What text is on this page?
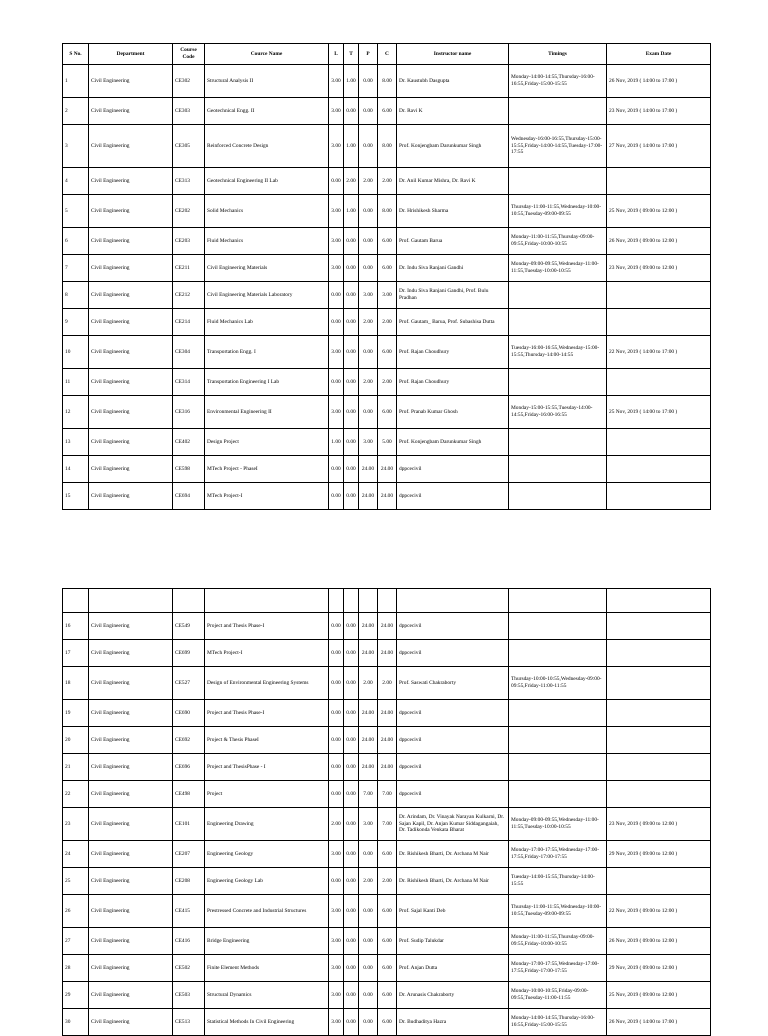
S No.	Department	Course Code	Cource Name	L	T	P	C	Instructor name	Timings	Exam Date
1	Civil Engineering	CE302	Structural Analysis II	3.00	1.00	0.00	8.00	Dr. Kaustubh Dasgupta	Monday-14:00-14:55,Thursday-16:00-16:55,Friday-15:00-15:55	26 Nov, 2019 ( 14:00 to 17:00 )
2	Civil Engineering	CE303	Geotechnical Engg. II	3.00	0.00	0.00	6.00	Dr. Ravi K		23 Nov, 2019 ( 14:00 to 17:00 )
3	Civil Engineering	CE305	Reinforced Concrete Design	3.00	1.00	0.00	8.00	Prof. Konjengbam Darunkumar Singh	Wednesday-16:00-16:55,Thursday-15:00-15:55,Friday-14:00-14:55,Tuesday-17:00-17:55	27 Nov, 2019 ( 14:00 to 17:00 )
4	Civil Engineering	CE313	Geotechnical Engineering II Lab	0.00	2.00	2.00	2.00	Dr. Anil Kumar Mishra, Dr. Ravi K		
5	Civil Engineering	CE202	Solid Mechanics	3.00	1.00	0.00	8.00	Dr. Hrishikesh Sharma	Thursday-11:00-11:55,Wednesday-10:00-10:55,Tuesday-09:00-09:55	25 Nov, 2019 ( 09:00 to 12:00 )
6	Civil Engineering	CE203	Fluid Mechanics	3.00	0.00	0.00	6.00	Prof. Gautam Barua	Monday-11:00-11:55,Thursday-09:00-09:55,Friday-10:00-10:55	26 Nov, 2019 ( 09:00 to 12:00 )
7	Civil Engineering	CE211	Civil Engineering Materials	3.00	0.00	0.00	6.00	Dr. Indu Siva Ranjani Gandhi	Monday-09:00-09:55,Wednesday-11:00-11:55,Tuesday-10:00-10:55	23 Nov, 2019 ( 09:00 to 12:00 )
8	Civil Engineering	CE212	Civil Engineering Materials Laboratory	0.00	0.00	3.00	3.00	Dr. Indu Siva Ranjani Gandhi, Prof. Bulu Pradhan		
9	Civil Engineering	CE214	Fluid Mechanics Lab	0.00	0.00	2.00	2.00	Prof. Gautam_ Barua, Prof. Subashisa Dutta		
10	Civil Engineering	CE304	Transportation Engg. I	3.00	0.00	0.00	6.00	Prof. Rajan Choudhury	Tuesday-16:00-16:55,Wednesday-15:00-15:55,Thursday-14:00-14:55	22 Nov, 2019 ( 14:00 to 17:00 )
11	Civil Engineering	CE314	Transportation Engineering I Lab	0.00	0.00	2.00	2.00	Prof. Rajan Choudhury		
12	Civil Engineering	CE316	Environmental Engineering II	3.00	0.00	0.00	6.00	Prof. Pranab Kumar Ghosh	Monday-15:00-15:55,Tuesday-14:00-14:55,Friday-16:00-16:55	25 Nov, 2019 ( 14:00 to 17:00 )
13	Civil Engineering	CE402	Design Project	1.00	0.00	3.00	5.00	Prof. Konjengbam Darunkumar Singh		
14	Civil Engineering	CE598	MTech Project - PhaseI	0.00	0.00	24.00	24.00	dppcecivil		
15	Civil Engineering	CE694	MTech Project-I	0.00	0.00	24.00	24.00	dppcecivil		

16	Civil Engineering	CE549	Project and Thesis Phase-I	0.00	0.00	24.00	24.00	dppcecivil		
17	Civil Engineering	CE699	MTech Project-I	0.00	0.00	24.00	24.00	dppcecivil		
18	Civil Engineering	CE527	Design of Environmental Engineering Systems	0.00	0.00	2.00	2.00	Prof. Saswati Chakraborty	Thursday-10:00-10:55,Wednesday-09:00-09:55,Friday-11:00-11:55	
19	Civil Engineering	CE690	Project and Thesis Phase-I	0.00	0.00	24.00	24.00	dppcecivil		
20	Civil Engineering	CE692	Project & Thesis PhaseI	0.00	0.00	24.00	24.00	dppcecivil		
21	Civil Engineering	CE696	Project and ThesisPhase - I	0.00	0.00	24.00	24.00	dppcecivil		
22	Civil Engineering	CE498	Project	0.00	0.00	7.00	7.00	dppcecivil		
23	Civil Engineering	CE101	Engineering Drawing	2.00	0.00	3.00	7.00	Dr. Arindam, Dr. Vinayak Narayan Kulkarni, Dr. Sajan Kapil, Dr. Anjan Kumar Siddagangaiah, Dr. Tadikonda Venkata Bharat	Monday-09:00-09:55,Wednesday-11:00-11:55,Tuesday-10:00-10:55	23 Nov, 2019 ( 09:00 to 12:00 )
24	Civil Engineering	CE207	Engineering Geology	3.00	0.00	0.00	6.00	Dr. Rishikesh Bharti, Dr. Archana M Nair	Monday-17:00-17:55,Wednesday-17:00-17:55,Friday-17:00-17:55	29 Nov, 2019 ( 09:00 to 12:00 )
25	Civil Engineering	CE208	Engineering Geology Lab	0.00	0.00	2.00	2.00	Dr. Rishikesh Bharti, Dr. Archana M Nair	Tuesday-14:00-15:55,Thursday-14:00-15:55	
26	Civil Engineering	CE415	Prestressed Concrete and Industrial Structures	3.00	0.00	0.00	6.00	Prof. Sajal Kanti Deb	Thursday-11:00-11:55,Wednesday-10:00-10:55,Tuesday-09:00-09:55	22 Nov, 2019 ( 09:00 to 12:00 )
27	Civil Engineering	CE416	Bridge Engineering	3.00	0.00	0.00	6.00	Prof. Sudip Talukdar	Monday-11:00-11:55,Thursday-09:00-09:55,Friday-10:00-10:55	26 Nov, 2019 ( 09:00 to 12:00 )
28	Civil Engineering	CE502	Finite Element Methods	3.00	0.00	0.00	6.00	Prof. Anjan Dutta	Monday-17:00-17:55,Wednesday-17:00-17:55,Friday-17:00-17:55	29 Nov, 2019 ( 09:00 to 12:00 )
29	Civil Engineering	CE503	Structural Dynamics	3.00	0.00	0.00	6.00	Dr. Arunasis Chakraborty	Monday-10:00-10:55,Friday-09:00-09:55,Tuesday-11:00-11:55	25 Nov, 2019 ( 09:00 to 12:00 )
30	Civil Engineering	CE513	Statistical Methods In Civil Engineering	3.00	0.00	0.00	6.00	Dr. Budhaditya Hazra	Monday-14:00-14:55,Thursday-16:00-16:55,Friday-15:00-15:55	26 Nov, 2019 ( 14:00 to 17:00 )
